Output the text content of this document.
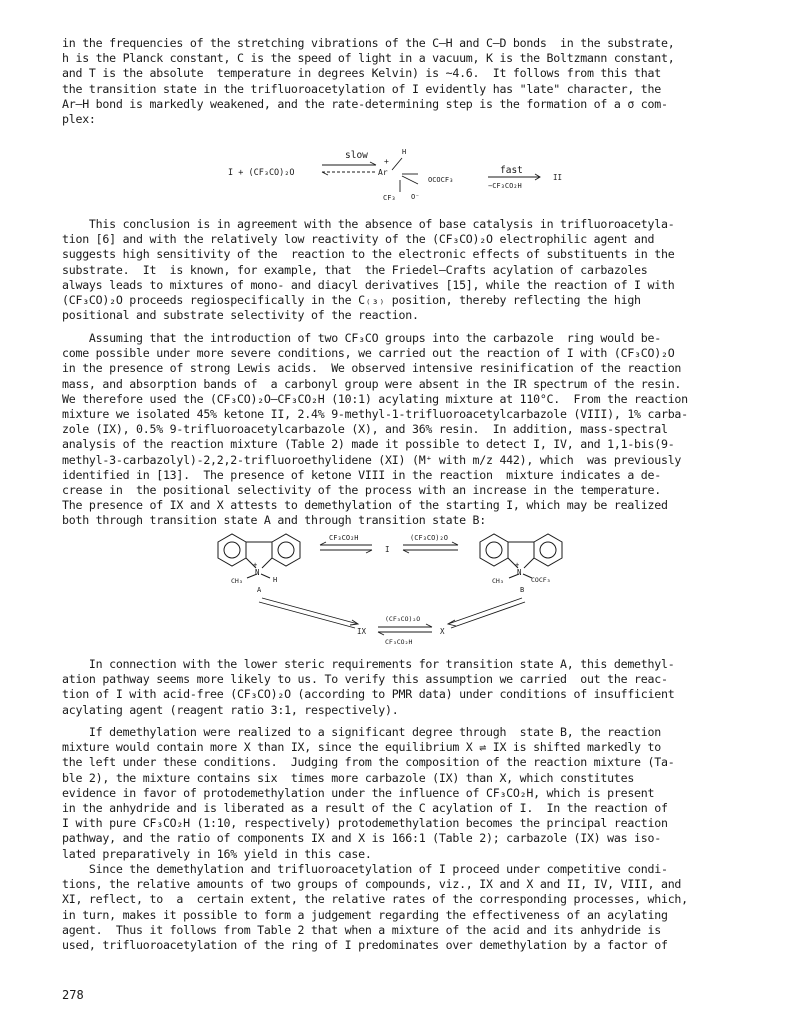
in the frequencies of the stretching vibrations of the C—H and C—D bonds  in the substrate,
h is the Planck constant, C is the speed of light in a vacuum, K is the Boltzmann constant,
and T is the absolute  temperature in degrees Kelvin) is ~4.6.  It follows from this that
the transition state in the trifluoroacetylation of I evidently has "late" character, the
Ar—H bond is markedly weakened, and the rate-determining step is the formation of a σ com-
plex:

I + (CF₃CO)₂O
slow	H
+
Ar
OCOCF₃
CF₃ O⁻
fast
−CF₃CO₂H
II

This conclusion is in agreement with the absence of base catalysis in trifluoroacetyla-
tion [6] and with the relatively low reactivity of the (CF₃CO)₂O electrophilic agent and
suggests high sensitivity of the  reaction to the electronic effects of substituents in the
substrate.  It  is known, for example, that  the Friedel—Crafts acylation of carbazoles
always leads to mixtures of mono- and diacyl derivatives [15], while the reaction of I with
(CF₃CO)₂O proceeds regiospecifically in the C₍₃₎ position, thereby reflecting the high
positional and substrate selectivity of the reaction.

Assuming that the introduction of two CF₃CO groups into the carbazole  ring would be-
come possible under more severe conditions, we carried out the reaction of I with (CF₃CO)₂O
in the presence of strong Lewis acids.  We observed intensive resinification of the reaction
mass, and absorption bands of  a carbonyl group were absent in the IR spectrum of the resin.
We therefore used the (CF₃CO)₂O—CF₃CO₂H (10:1) acylating mixture at 110°C.  From the reaction
mixture we isolated 45% ketone II, 2.4% 9-methyl-1-trifluoroacetylcarbazole (VIII), 1% carba-
zole (IX), 0.5% 9-trifluoroacetylcarbazole (X), and 36% resin.  In addition, mass-spectral
analysis of the reaction mixture (Table 2) made it possible to detect I, IV, and 1,1-bis(9-
methyl-3-carbazolyl)-2,2,2-trifluoroethylidene (XI) (M⁺ with m/z 442), which  was previously
identified in [13].  The presence of ketone VIII in the reaction  mixture indicates a de-
crease in  the positional selectivity of the process with an increase in the temperature.
The presence of IX and X attests to demethylation of the starting I, which may be realized
both through transition state A and through transition state B:

N
+
CH₃	H
A
CF₃CO₂H
I
(CF₃CO)₂O
N
+
CH₃	COCF₃
B
IX
(CF₃CO)₂O
CF₃CO₂H
X

In connection with the lower steric requirements for transition state A, this demethyl-
ation pathway seems more likely to us. To verify this assumption we carried  out the reac-
tion of I with acid-free (CF₃CO)₂O (according to PMR data) under conditions of insufficient
acylating agent (reagent ratio 3:1, respectively).

If demethylation were realized to a significant degree through  state B, the reaction
mixture would contain more X than IX, since the equilibrium X ⇌ IX is shifted markedly to
the left under these conditions.  Judging from the composition of the reaction mixture (Ta-
ble 2), the mixture contains six  times more carbazole (IX) than X, which constitutes
evidence in favor of protodemethylation under the influence of CF₃CO₂H, which is present
in the anhydride and is liberated as a result of the C acylation of I.  In the reaction of
I with pure CF₃CO₂H (1:10, respectively) protodemethylation becomes the principal reaction
pathway, and the ratio of components IX and X is 166:1 (Table 2); carbazole (IX) was iso-
lated preparatively in 16% yield in this case.

Since the demethylation and trifluoroacetylation of I proceed under competitive condi-
tions, the relative amounts of two groups of compounds, viz., IX and X and II, IV, VIII, and
XI, reflect, to  a  certain extent, the relative rates of the corresponding processes, which,
in turn, makes it possible to form a judgement regarding the effectiveness of an acylating
agent.  Thus it follows from Table 2 that when a mixture of the acid and its anhydride is
used, trifluoroacetylation of the ring of I predominates over demethylation by a factor of

278
